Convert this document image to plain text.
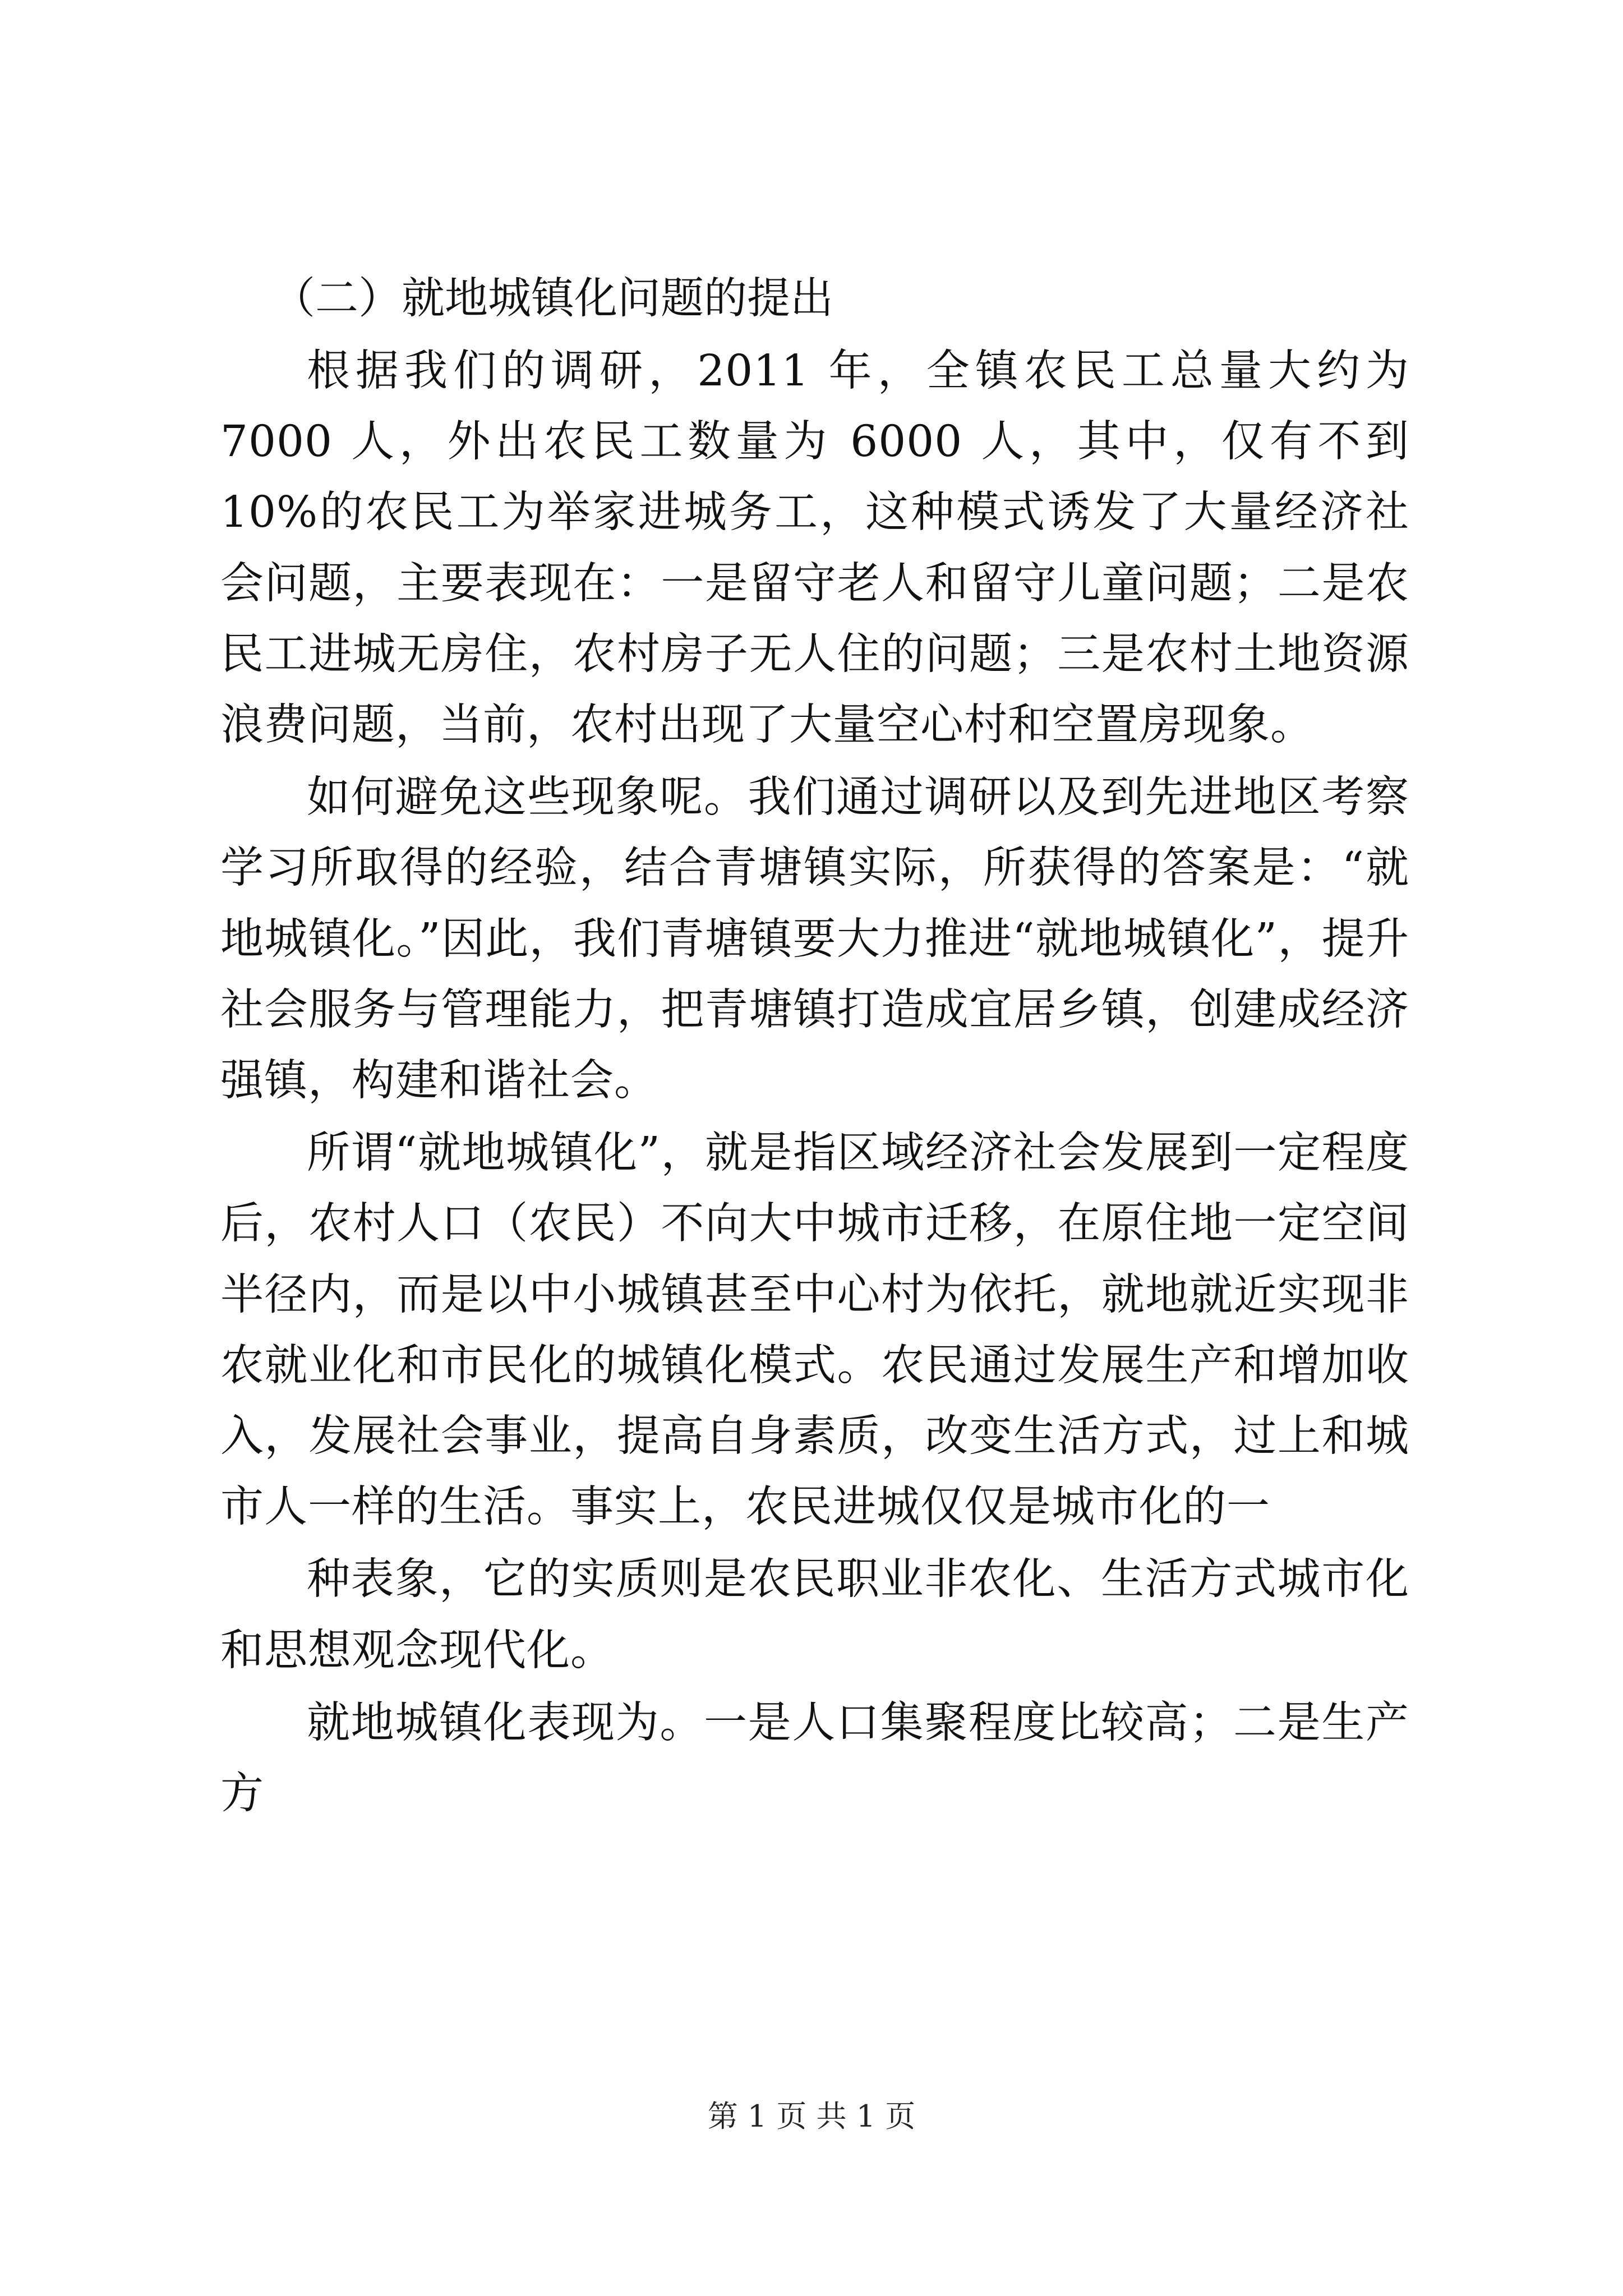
（二）就地城镇化问题的提出

根据我们的调研，2011 年，全镇农民工总量大约为 7000 人，外出农民工数量为 6000 人，其中，仅有不到 10%的农民工为举家进城务工，这种模式诱发了大量经济社会问题，主要表现在：一是留守老人和留守儿童问题；二是农民工进城无房住，农村房子无人住的问题；三是农村土地资源浪费问题，当前，农村出现了大量空心村和空置房现象。

如何避免这些现象呢。我们通过调研以及到先进地区考察学习所取得的经验，结合青塘镇实际，所获得的答案是：“就地城镇化。”因此，我们青塘镇要大力推进“就地城镇化”，提升社会服务与管理能力，把青塘镇打造成宜居乡镇，创建成经济强镇，构建和谐社会。

所谓“就地城镇化”，就是指区域经济社会发展到一定程度后，农村人口（农民）不向大中城市迁移，在原住地一定空间半径内，而是以中小城镇甚至中心村为依托，就地就近实现非农就业化和市民化的城镇化模式。农民通过发展生产和增加收入，发展社会事业，提高自身素质，改变生活方式，过上和城市人一样的生活。事实上，农民进城仅仅是城市化的一

种表象，它的实质则是农民职业非农化、生活方式城市化和思想观念现代化。

就地城镇化表现为。一是人口集聚程度比较高；二是生产方

第 1 页 共 1 页
